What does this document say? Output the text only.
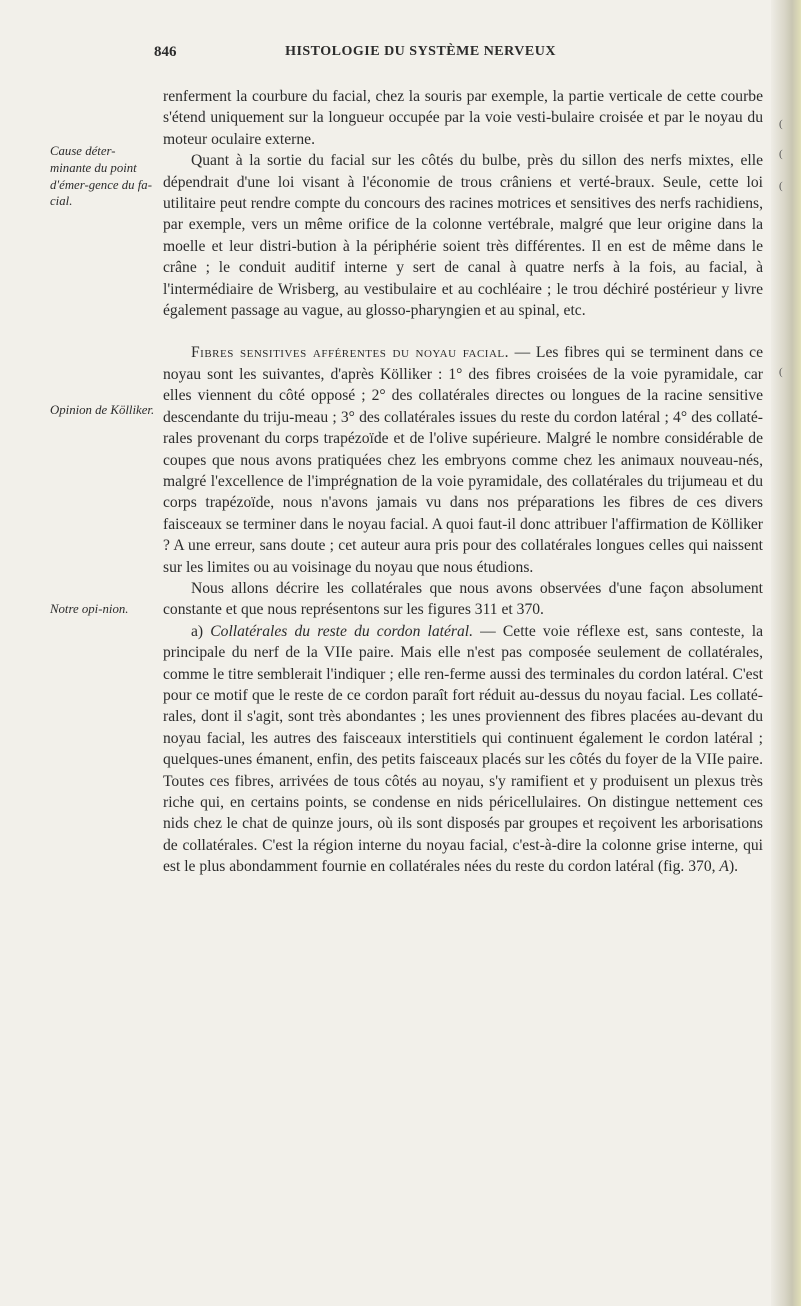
(
(
(
(
846	HISTOLOGIE DU SYSTÈME NERVEUX
Cause déter-minante du point d'émer-gence du fa-cial.
Opinion de Kölliker.
Notre opi-nion.

renferment la courbure du facial, chez la souris par exemple, la partie verticale de cette courbe s'étend uniquement sur la longueur occupée par la voie vesti-bulaire croisée et par le noyau du moteur oculaire externe.

Quant à la sortie du facial sur les côtés du bulbe, près du sillon des nerfs mixtes, elle dépendrait d'une loi visant à l'économie de trous crâniens et verté-braux. Seule, cette loi utilitaire peut rendre compte du concours des racines motrices et sensitives des nerfs rachidiens, par exemple, vers un même orifice de la colonne vertébrale, malgré que leur origine dans la moelle et leur distri-bution à la périphérie soient très différentes. Il en est de même dans le crâne ; le conduit auditif interne y sert de canal à quatre nerfs à la fois, au facial, à l'intermédiaire de Wrisberg, au vestibulaire et au cochléaire ; le trou déchiré postérieur y livre également passage au vague, au glosso-pharyngien et au spinal, etc.

Fibres sensitives afférentes du noyau facial. — Les fibres qui se terminent dans ce noyau sont les suivantes, d'après Kölliker : 1° des fibres croisées de la voie pyramidale, car elles viennent du côté opposé ; 2° des collatérales directes ou longues de la racine sensitive descendante du triju-meau ; 3° des collatérales issues du reste du cordon latéral ; 4° des collaté-rales provenant du corps trapézoïde et de l'olive supérieure. Malgré le nombre considérable de coupes que nous avons pratiquées chez les embryons comme chez les animaux nouveau-nés, malgré l'excellence de l'imprégnation de la voie pyramidale, des collatérales du trijumeau et du corps trapézoïde, nous n'avons jamais vu dans nos préparations les fibres de ces divers faisceaux se terminer dans le noyau facial. A quoi faut-il donc attribuer l'affirmation de Kölliker ? A une erreur, sans doute ; cet auteur aura pris pour des collatérales longues celles qui naissent sur les limites ou au voisinage du noyau que nous étudions.

Nous allons décrire les collatérales que nous avons observées d'une façon absolument constante et que nous représentons sur les figures 311 et 370.

a) Collatérales du reste du cordon latéral. — Cette voie réflexe est, sans conteste, la principale du nerf de la VIIe paire. Mais elle n'est pas composée seulement de collatérales, comme le titre semblerait l'indiquer ; elle ren-ferme aussi des terminales du cordon latéral. C'est pour ce motif que le reste de ce cordon paraît fort réduit au-dessus du noyau facial. Les collaté-rales, dont il s'agit, sont très abondantes ; les unes proviennent des fibres placées au-devant du noyau facial, les autres des faisceaux interstitiels qui continuent également le cordon latéral ; quelques-unes émanent, enfin, des petits faisceaux placés sur les côtés du foyer de la VIIe paire. Toutes ces fibres, arrivées de tous côtés au noyau, s'y ramifient et y produisent un plexus très riche qui, en certains points, se condense en nids péricellulaires. On distingue nettement ces nids chez le chat de quinze jours, où ils sont disposés par groupes et reçoivent les arborisations de collatérales. C'est la région interne du noyau facial, c'est-à-dire la colonne grise interne, qui est le plus abondamment fournie en collatérales nées du reste du cordon latéral (fig. 370, A).
